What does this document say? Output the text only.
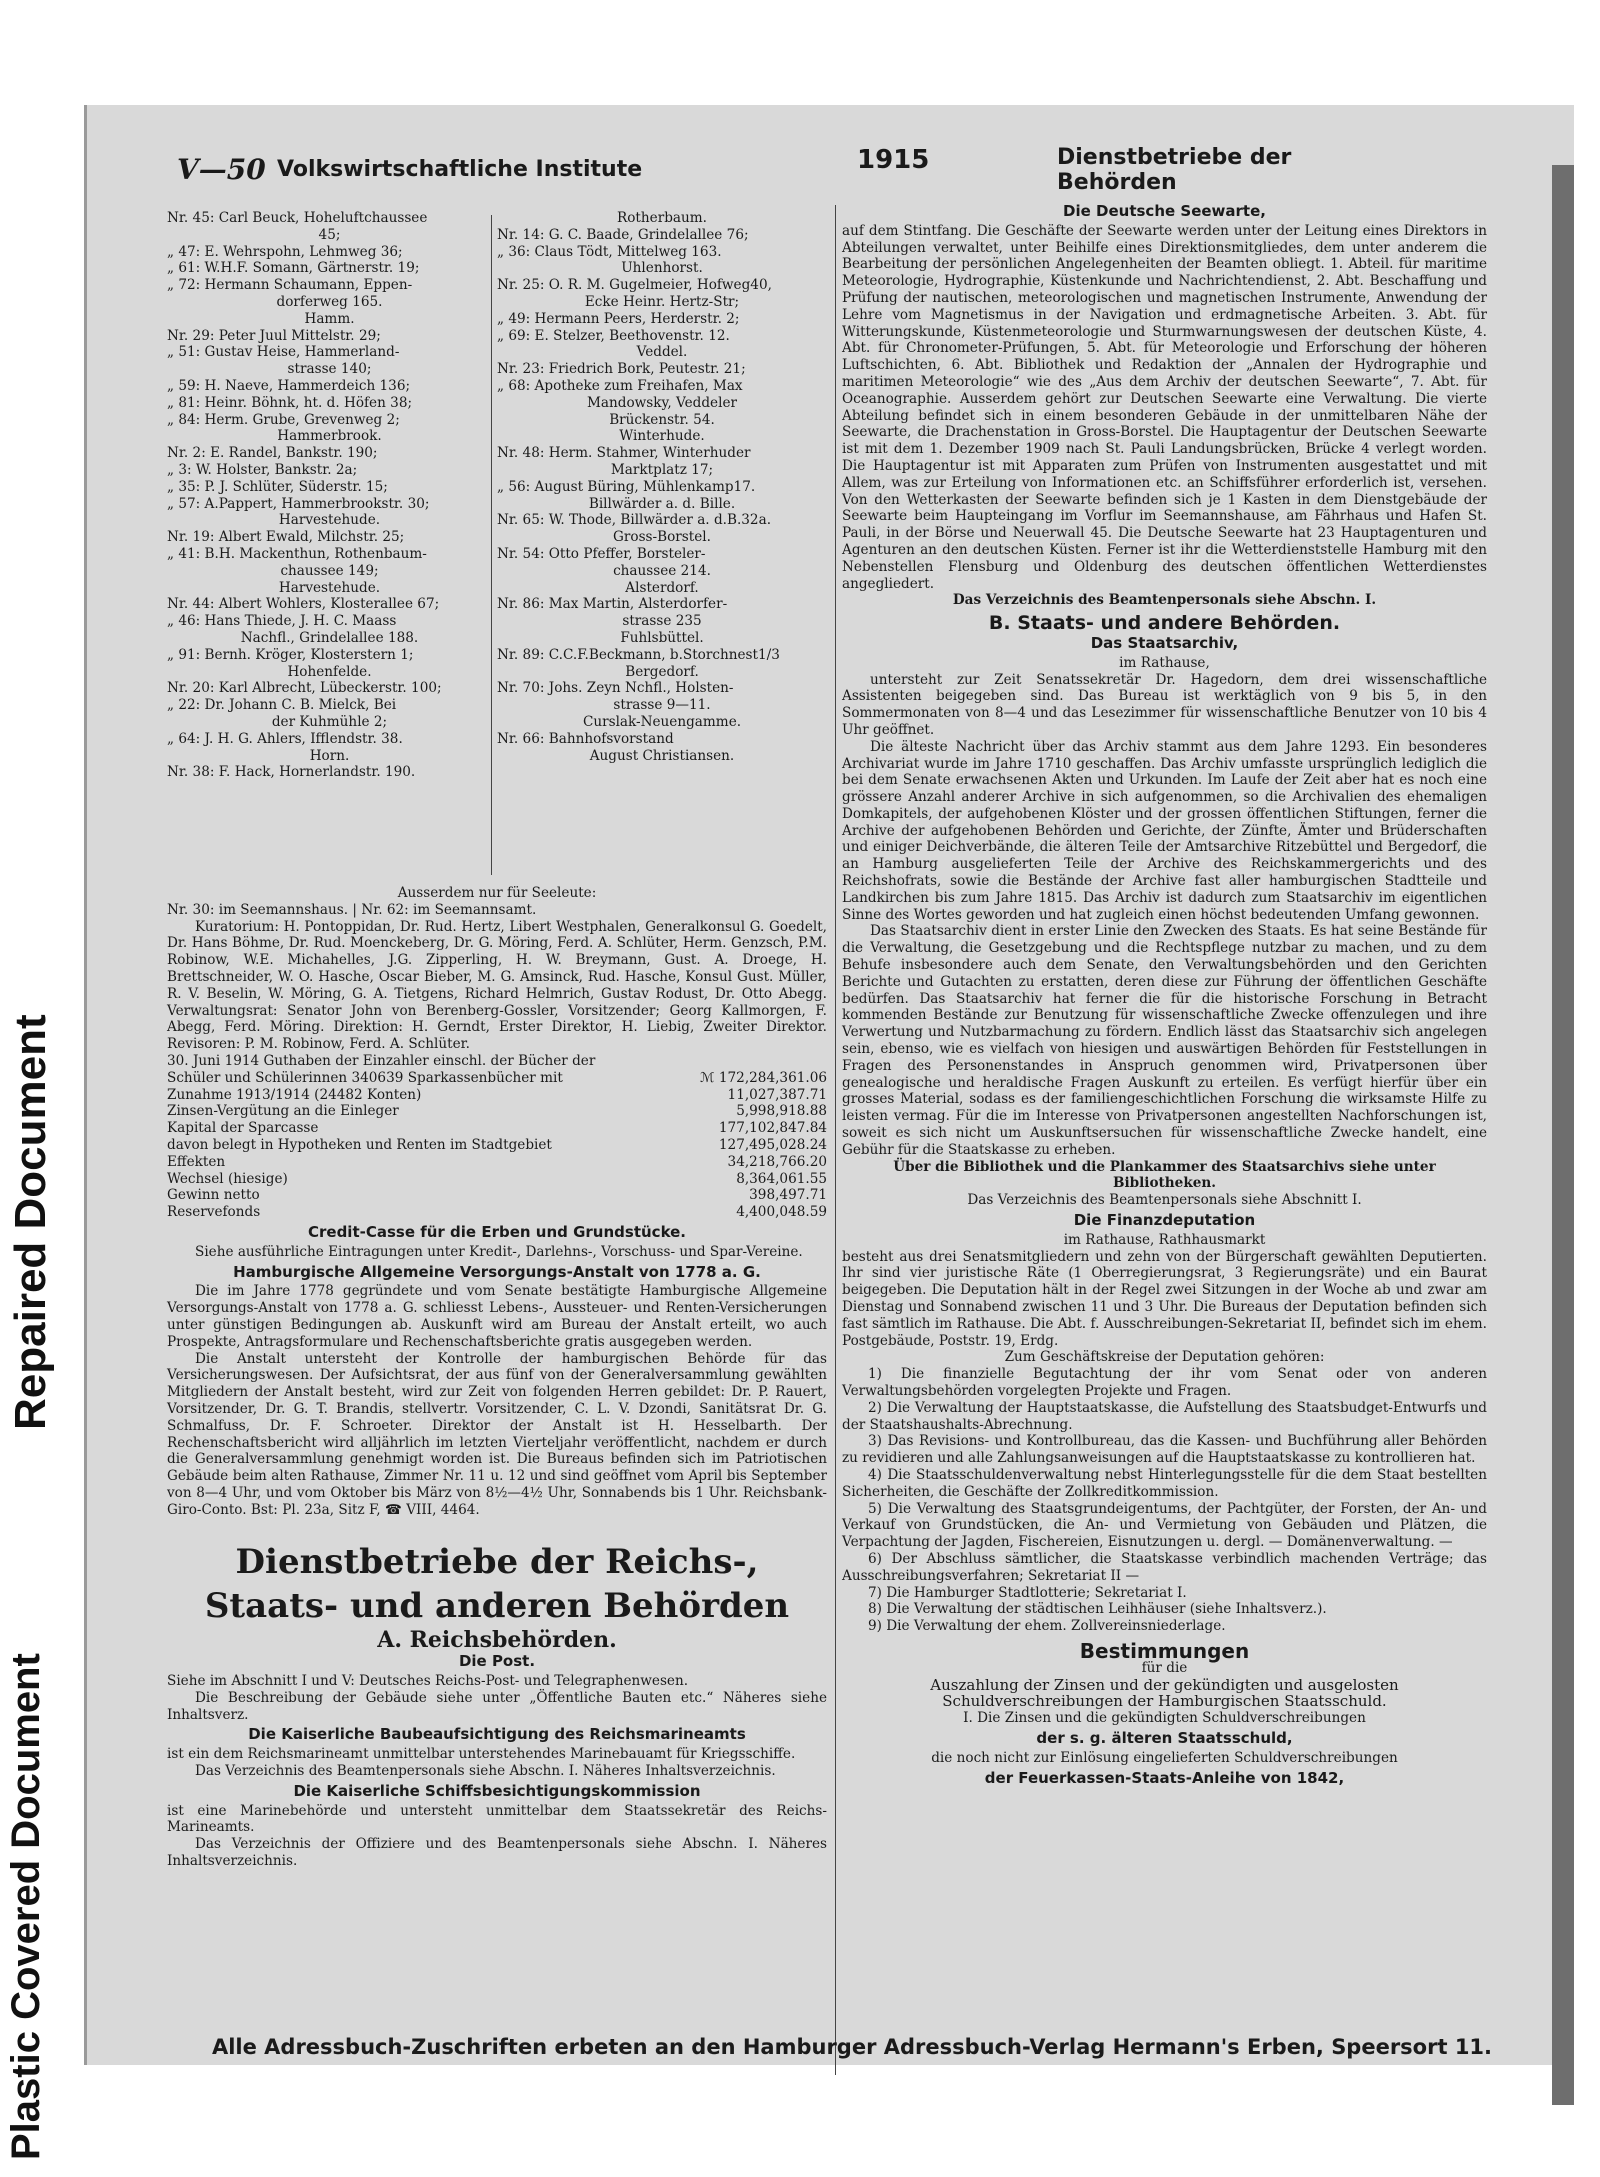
Repaired Document
Plastic Covered Document
V—50 Volkswirtschaftliche Institute	1915	Dienstbetriebe der Behörden
Nr. 45: Carl Beuck, Hoheluftchaussee
45;
„ 47: E. Wehrspohn, Lehmweg 36;
„ 61: W.H.F. Somann, Gärtnerstr. 19;
„ 72: Hermann Schaumann, Eppen-
dorferweg 165.
Hamm.
Nr. 29: Peter Juul Mittelstr. 29;
„ 51: Gustav Heise, Hammerland-
strasse 140;
„ 59: H. Naeve, Hammerdeich 136;
„ 81: Heinr. Böhnk, ht. d. Höfen 38;
„ 84: Herm. Grube, Grevenweg 2;
Hammerbrook.
Nr. 2: E. Randel, Bankstr. 190;
„ 3: W. Holster, Bankstr. 2a;
„ 35: P. J. Schlüter, Süderstr. 15;
„ 57: A.Pappert, Hammerbrookstr. 30;
Harvestehude.
Nr. 19: Albert Ewald, Milchstr. 25;
„ 41: B.H. Mackenthun, Rothenbaum-
chaussee 149;
Harvestehude.
Nr. 44: Albert Wohlers, Klosterallee 67;
„ 46: Hans Thiede, J. H. C. Maass
Nachfl., Grindelallee 188.
„ 91: Bernh. Kröger, Klosterstern 1;
Hohenfelde.
Nr. 20: Karl Albrecht, Lübeckerstr. 100;
„ 22: Dr. Johann C. B. Mielck, Bei
der Kuhmühle 2;
„ 64: J. H. G. Ahlers, Ifflendstr. 38.
Horn.
Nr. 38: F. Hack, Hornerlandstr. 190.
Rotherbaum.
Nr. 14: G. C. Baade, Grindelallee 76;
„ 36: Claus Tödt, Mittelweg 163.
Uhlenhorst.
Nr. 25: O. R. M. Gugelmeier, Hofweg40,
Ecke Heinr. Hertz-Str;
„ 49: Hermann Peers, Herderstr. 2;
„ 69: E. Stelzer, Beethovenstr. 12.
Veddel.
Nr. 23: Friedrich Bork, Peutestr. 21;
„ 68: Apotheke zum Freihafen, Max
Mandowsky, Veddeler
Brückenstr. 54.
Winterhude.
Nr. 48: Herm. Stahmer, Winterhuder
Marktplatz 17;
„ 56: August Büring, Mühlenkamp17.
Billwärder a. d. Bille.
Nr. 65: W. Thode, Billwärder a. d.B.32a.
Gross-Borstel.
Nr. 54: Otto Pfeffer, Borsteler-
chaussee 214.
Alsterdorf.
Nr. 86: Max Martin, Alsterdorfer-
strasse 235
Fuhlsbüttel.
Nr. 89: C.C.F.Beckmann, b.Storchnest1/3
Bergedorf.
Nr. 70: Johs. Zeyn Nchfl., Holsten-
strasse 9—11.
Curslak-Neuengamme.
Nr. 66: Bahnhofsvorstand
August Christiansen.
Ausserdem nur für Seeleute:
Nr. 30: im Seemannshaus. | Nr. 62: im Seemannsamt.
Kuratorium: H. Pontoppidan, Dr. Rud. Hertz, Libert Westphalen, Generalkonsul G. Goedelt, Dr. Hans Böhme, Dr. Rud. Moenckeberg, Dr. G. Möring, Ferd. A. Schlüter, Herm. Genzsch, P.M. Robinow, W.E. Michahelles, J.G. Zipperling, H. W. Breymann, Gust. A. Droege, H. Brettschneider, W. O. Hasche, Oscar Bieber, M. G. Amsinck, Rud. Hasche, Konsul Gust. Müller, R. V. Beselin, W. Möring, G. A. Tietgens, Richard Helmrich, Gustav Rodust, Dr. Otto Abegg. Verwaltungsrat: Senator John von Berenberg-Gossler, Vorsitzender; Georg Kallmorgen, F. Abegg, Ferd. Möring. Direktion: H. Gerndt, Erster Direktor, H. Liebig, Zweiter Direktor. Revisoren: P. M. Robinow, Ferd. A. Schlüter.
30. Juni 1914 Guthaben der Einzahler einschl. der Bücher der
Schüler und Schülerinnen 340639 Sparkassenbücher mit	ℳ 172,284,361.06
Zunahme 1913/1914 (24482 Konten)	11,027,387.71
Zinsen-Vergütung an die Einleger	5,998,918.88
Kapital der Sparcasse	177,102,847.84
davon belegt in Hypotheken und Renten im Stadtgebiet	127,495,028.24
Effekten	34,218,766.20
Wechsel (hiesige)	8,364,061.55
Gewinn netto	398,497.71
Reservefonds	4,400,048.59
Credit-Casse für die Erben und Grundstücke.
Siehe ausführliche Eintragungen unter Kredit-, Darlehns-, Vorschuss- und Spar-Vereine.
Hamburgische Allgemeine Versorgungs-Anstalt von 1778 a. G.
Die im Jahre 1778 gegründete und vom Senate bestätigte Hamburgische Allgemeine Versorgungs-Anstalt von 1778 a. G. schliesst Lebens-, Aussteuer- und Renten-Versicherungen unter günstigen Bedingungen ab. Auskunft wird am Bureau der Anstalt erteilt, wo auch Prospekte, Antragsformulare und Rechenschaftsberichte gratis ausgegeben werden.
Die Anstalt untersteht der Kontrolle der hamburgischen Behörde für das Versicherungswesen. Der Aufsichtsrat, der aus fünf von der Generalversammlung gewählten Mitgliedern der Anstalt besteht, wird zur Zeit von folgenden Herren gebildet: Dr. P. Rauert, Vorsitzender, Dr. G. T. Brandis, stellvertr. Vorsitzender, C. L. V. Dzondi, Sanitätsrat Dr. G. Schmalfuss, Dr. F. Schroeter. Direktor der Anstalt ist H. Hesselbarth. Der Rechenschaftsbericht wird alljährlich im letzten Vierteljahr veröffentlicht, nachdem er durch die Generalversammlung genehmigt worden ist. Die Bureaus befinden sich im Patriotischen Gebäude beim alten Rathause, Zimmer Nr. 11 u. 12 und sind geöffnet vom April bis September von 8—4 Uhr, und vom Oktober bis März von 8½—4½ Uhr, Sonnabends bis 1 Uhr. Reichsbank-Giro-Conto. Bst: Pl. 23a, Sitz F, ☎ VIII, 4464.
Dienstbetriebe der Reichs-,
Staats- und anderen Behörden
A. Reichsbehörden.
Die Post.
Siehe im Abschnitt I und V: Deutsches Reichs-Post- und Telegraphenwesen.
Die Beschreibung der Gebäude siehe unter „Öffentliche Bauten etc.“ Näheres siehe Inhaltsverz.
Die Kaiserliche Baubeaufsichtigung des Reichsmarineamts
ist ein dem Reichsmarineamt unmittelbar unterstehendes Marinebauamt für Kriegsschiffe.
Das Verzeichnis des Beamtenpersonals siehe Abschn. I. Näheres Inhaltsverzeichnis.
Die Kaiserliche Schiffsbesichtigungskommission
ist eine Marinebehörde und untersteht unmittelbar dem Staatssekretär des Reichs-Marineamts.
Das Verzeichnis der Offiziere und des Beamtenpersonals siehe Abschn. I. Näheres Inhaltsverzeichnis.
Die Deutsche Seewarte,
auf dem Stintfang. Die Geschäfte der Seewarte werden unter der Leitung eines Direktors in Abteilungen verwaltet, unter Beihilfe eines Direktionsmitgliedes, dem unter anderem die Bearbeitung der persönlichen Angelegenheiten der Beamten obliegt. 1. Abteil. für maritime Meteorologie, Hydrographie, Küstenkunde und Nachrichtendienst, 2. Abt. Beschaffung und Prüfung der nautischen, meteorologischen und magnetischen Instrumente, Anwendung der Lehre vom Magnetismus in der Navigation und erdmagnetische Arbeiten. 3. Abt. für Witterungskunde, Küstenmeteorologie und Sturmwarnungswesen der deutschen Küste, 4. Abt. für Chronometer-Prüfungen, 5. Abt. für Meteorologie und Erforschung der höheren Luftschichten, 6. Abt. Bibliothek und Redaktion der „Annalen der Hydrographie und maritimen Meteorologie“ wie des „Aus dem Archiv der deutschen Seewarte“, 7. Abt. für Oceanographie. Ausserdem gehört zur Deutschen Seewarte eine Verwaltung. Die vierte Abteilung befindet sich in einem besonderen Gebäude in der unmittelbaren Nähe der Seewarte, die Drachenstation in Gross-Borstel. Die Hauptagentur der Deutschen Seewarte ist mit dem 1. Dezember 1909 nach St. Pauli Landungsbrücken, Brücke 4 verlegt worden. Die Hauptagentur ist mit Apparaten zum Prüfen von Instrumenten ausgestattet und mit Allem, was zur Erteilung von Informationen etc. an Schiffsführer erforderlich ist, versehen. Von den Wetterkasten der Seewarte befinden sich je 1 Kasten in dem Dienstgebäude der Seewarte beim Haupteingang im Vorflur im Seemannshause, am Fährhaus und Hafen St. Pauli, in der Börse und Neuerwall 45. Die Deutsche Seewarte hat 23 Hauptagenturen und Agenturen an den deutschen Küsten. Ferner ist ihr die Wetterdienststelle Hamburg mit den Nebenstellen Flensburg und Oldenburg des deutschen öffentlichen Wetterdienstes angegliedert.
Das Verzeichnis des Beamtenpersonals siehe Abschn. I.
B. Staats- und andere Behörden.
Das Staatsarchiv,
im Rathause,
untersteht zur Zeit Senatssekretär Dr. Hagedorn, dem drei wissenschaftliche Assistenten beigegeben sind. Das Bureau ist werktäglich von 9 bis 5, in den Sommermonaten von 8—4 und das Lesezimmer für wissenschaftliche Benutzer von 10 bis 4 Uhr geöffnet.
Die älteste Nachricht über das Archiv stammt aus dem Jahre 1293. Ein besonderes Archivariat wurde im Jahre 1710 geschaffen. Das Archiv umfasste ursprünglich lediglich die bei dem Senate erwachsenen Akten und Urkunden. Im Laufe der Zeit aber hat es noch eine grössere Anzahl anderer Archive in sich aufgenommen, so die Archivalien des ehemaligen Domkapitels, der aufgehobenen Klöster und der grossen öffentlichen Stiftungen, ferner die Archive der aufgehobenen Behörden und Gerichte, der Zünfte, Ämter und Brüderschaften und einiger Deichverbände, die älteren Teile der Amtsarchive Ritzebüttel und Bergedorf, die an Hamburg ausgelieferten Teile der Archive des Reichskammergerichts und des Reichshofrats, sowie die Bestände der Archive fast aller hamburgischen Stadtteile und Landkirchen bis zum Jahre 1815. Das Archiv ist dadurch zum Staatsarchiv im eigentlichen Sinne des Wortes geworden und hat zugleich einen höchst bedeutenden Umfang gewonnen.
Das Staatsarchiv dient in erster Linie den Zwecken des Staats. Es hat seine Bestände für die Verwaltung, die Gesetzgebung und die Rechtspflege nutzbar zu machen, und zu dem Behufe insbesondere auch dem Senate, den Verwaltungsbehörden und den Gerichten Berichte und Gutachten zu erstatten, deren diese zur Führung der öffentlichen Geschäfte bedürfen. Das Staatsarchiv hat ferner die für die historische Forschung in Betracht kommenden Bestände zur Benutzung für wissenschaftliche Zwecke offenzulegen und ihre Verwertung und Nutzbarmachung zu fördern. Endlich lässt das Staatsarchiv sich angelegen sein, ebenso, wie es vielfach von hiesigen und auswärtigen Behörden für Feststellungen in Fragen des Personenstandes in Anspruch genommen wird, Privatpersonen über genealogische und heraldische Fragen Auskunft zu erteilen. Es verfügt hierfür über ein grosses Material, sodass es der familiengeschichtlichen Forschung die wirksamste Hilfe zu leisten vermag. Für die im Interesse von Privatpersonen angestellten Nachforschungen ist, soweit es sich nicht um Auskunftsersuchen für wissenschaftliche Zwecke handelt, eine Gebühr für die Staatskasse zu erheben.
Über die Bibliothek und die Plankammer des Staatsarchivs siehe unter Bibliotheken.
Das Verzeichnis des Beamtenpersonals siehe Abschnitt I.
Die Finanzdeputation
im Rathause, Rathhausmarkt
besteht aus drei Senatsmitgliedern und zehn von der Bürgerschaft gewählten Deputierten. Ihr sind vier juristische Räte (1 Oberregierungsrat, 3 Regierungsräte) und ein Baurat beigegeben. Die Deputation hält in der Regel zwei Sitzungen in der Woche ab und zwar am Dienstag und Sonnabend zwischen 11 und 3 Uhr. Die Bureaus der Deputation befinden sich fast sämtlich im Rathause. Die Abt. f. Ausschreibungen-Sekretariat II, befindet sich im ehem. Postgebäude, Poststr. 19, Erdg.
Zum Geschäftskreise der Deputation gehören:
1) Die finanzielle Begutachtung der ihr vom Senat oder von anderen Verwaltungsbehörden vorgelegten Projekte und Fragen.
2) Die Verwaltung der Hauptstaatskasse, die Aufstellung des Staatsbudget-Entwurfs und der Staatshaushalts-Abrechnung.
3) Das Revisions- und Kontrollbureau, das die Kassen- und Buchführung aller Behörden zu revidieren und alle Zahlungsanweisungen auf die Hauptstaatskasse zu kontrollieren hat.
4) Die Staatsschuldenverwaltung nebst Hinterlegungsstelle für die dem Staat bestellten Sicherheiten, die Geschäfte der Zollkreditkommission.
5) Die Verwaltung des Staatsgrundeigentums, der Pachtgüter, der Forsten, der An- und Verkauf von Grundstücken, die An- und Vermietung von Gebäuden und Plätzen, die Verpachtung der Jagden, Fischereien, Eisnutzungen u. dergl. — Domänenverwaltung. —
6) Der Abschluss sämtlicher, die Staatskasse verbindlich machenden Verträge; das Ausschreibungsverfahren; Sekretariat II —
7) Die Hamburger Stadtlotterie; Sekretariat I.
8) Die Verwaltung der städtischen Leihhäuser (siehe Inhaltsverz.).
9) Die Verwaltung der ehem. Zollvereinsniederlage.
Bestimmungen
für die
Auszahlung der Zinsen und der gekündigten und ausgelosten Schuldverschreibungen der Hamburgischen Staatsschuld.
I. Die Zinsen und die gekündigten Schuldverschreibungen
der s. g. älteren Staatsschuld,
die noch nicht zur Einlösung eingelieferten Schuldverschreibungen
der Feuerkassen-Staats-Anleihe von 1842,
Alle Adressbuch-Zuschriften erbeten an den Hamburger Adressbuch-Verlag Hermann's Erben, Speersort 11.
